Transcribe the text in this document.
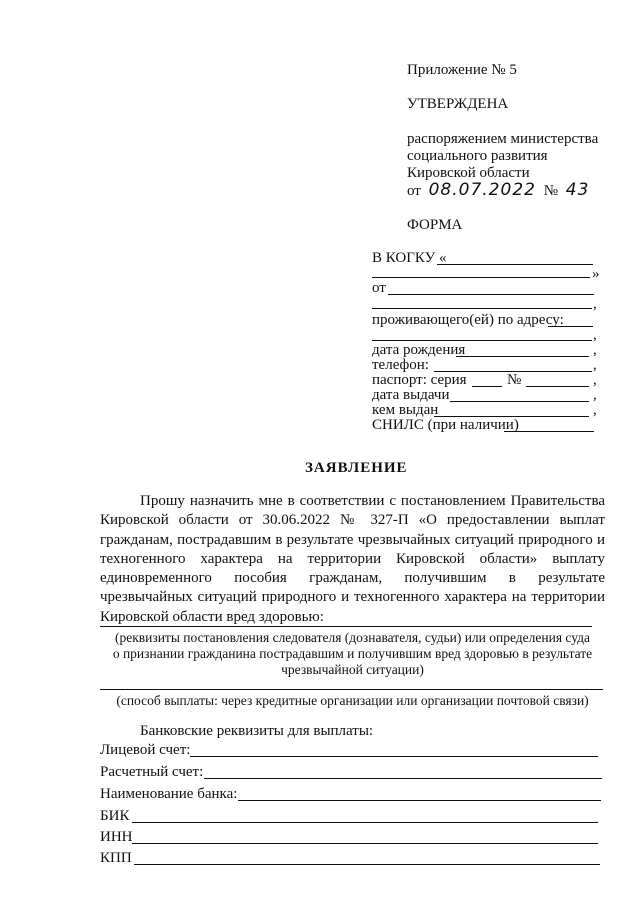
Приложение № 5
УТВЕРЖДЕНА
распоряжением министерства
социального развития
Кировской области
от 08.07.2022 № 43
ФОРМА
В КОГКУ «
»
от
,
проживающего(ей) по адресу:
,
дата рождения	,
телефон:	,
паспорт: серия	№	,
дата выдачи	,
кем выдан	,
СНИЛС (при наличии)
ЗАЯВЛЕНИЕ
Прошу назначить мне в соответствии с постановлением Правительства Кировской области от 30.06.2022 № 327-П «О предоставлении выплат гражданам, пострадавшим в результате чрезвычайных ситуаций природного и техногенного характера на территории Кировской области» выплату единовременного пособия гражданам, получившим в результате чрезвычайных ситуаций природного и техногенного характера на территории Кировской области вред здоровью:
(реквизиты постановления следователя (дознавателя, судьи) или определения суда
о признании гражданина пострадавшим и получившим вред здоровью в результате
чрезвычайной ситуации)
(способ выплаты: через кредитные организации или организации почтовой связи)
Банковские реквизиты для выплаты:
Лицевой счет:
Расчетный счет:
Наименование банка:
БИК
ИНН
КПП
